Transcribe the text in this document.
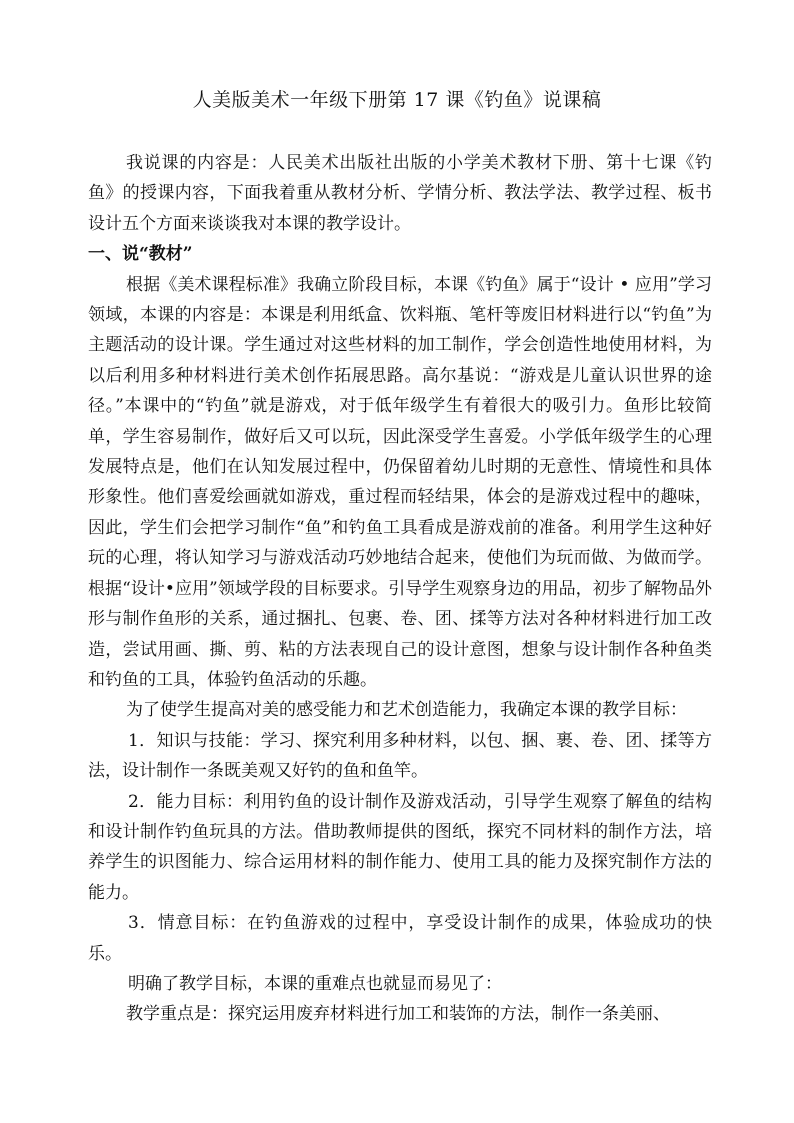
人美版美术一年级下册第 17 课《钓鱼》说课稿

我说课的内容是：人民美术出版社出版的小学美术教材下册、第十七课《钓鱼》的授课内容，下面我着重从教材分析、学情分析、教法学法、教学过程、板书设计五个方面来谈谈我对本课的教学设计。

一、说“教材”

根据《美术课程标准》我确立阶段目标，本课《钓鱼》属于“设计 • 应用”学习领域，本课的内容是：本课是利用纸盒、饮料瓶、笔杆等废旧材料进行以“钓鱼”为主题活动的设计课。学生通过对这些材料的加工制作，学会创造性地使用材料，为以后利用多种材料进行美术创作拓展思路。高尔基说：“游戏是儿童认识世界的途径。”本课中的“钓鱼”就是游戏，对于低年级学生有着很大的吸引力。鱼形比较简单，学生容易制作，做好后又可以玩，因此深受学生喜爱。小学低年级学生的心理发展特点是，他们在认知发展过程中，仍保留着幼儿时期的无意性、情境性和具体形象性。他们喜爱绘画就如游戏，重过程而轻结果，体会的是游戏过程中的趣味，因此，学生们会把学习制作“鱼”和钓鱼工具看成是游戏前的准备。利用学生这种好玩的心理，将认知学习与游戏活动巧妙地结合起来，使他们为玩而做、为做而学。根据“设计•应用”领域学段的目标要求。引导学生观察身边的用品，初步了解物品外形与制作鱼形的关系，通过捆扎、包裹、卷、团、揉等方法对各种材料进行加工改造，尝试用画、撕、剪、粘的方法表现自己的设计意图，想象与设计制作各种鱼类和钓鱼的工具，体验钓鱼活动的乐趣。

为了使学生提高对美的感受能力和艺术创造能力，我确定本课的教学目标：

1．知识与技能：学习、探究利用多种材料，以包、捆、裹、卷、团、揉等方法，设计制作一条既美观又好钓的鱼和鱼竿。

2．能力目标：利用钓鱼的设计制作及游戏活动，引导学生观察了解鱼的结构和设计制作钓鱼玩具的方法。借助教师提供的图纸，探究不同材料的制作方法，培养学生的识图能力、综合运用材料的制作能力、使用工具的能力及探究制作方法的能力。

3．情意目标：在钓鱼游戏的过程中，享受设计制作的成果，体验成功的快乐。

明确了教学目标，本课的重难点也就显而易见了：

教学重点是：探究运用废弃材料进行加工和装饰的方法，制作一条美丽、
